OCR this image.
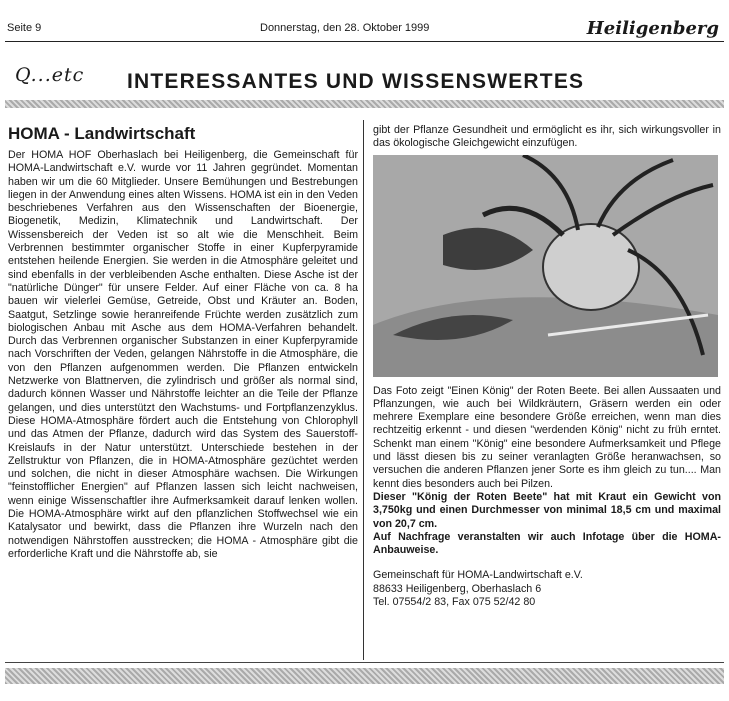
Seite 9	Donnerstag, den 28. Oktober 1999	Heiligenberg
Q...etc INTERESSANTES UND WISSENSWERTES
HOMA - Landwirtschaft

Der HOMA HOF Oberhaslach bei Heiligenberg, die Gemeinschaft für HOMA-Landwirtschaft e.V. wurde vor 11 Jahren gegründet. Momentan haben wir um die 60 Mitglieder. Unsere Bemühungen und Bestrebungen liegen in der Anwendung eines alten Wissens. HOMA ist ein in den Veden beschriebenes Verfahren aus den Wissenschaften der Bioenergie, Biogenetik, Medizin, Klimatechnik und Landwirtschaft. Der Wissensbereich der Veden ist so alt wie die Menschheit. Beim Verbrennen bestimmter organischer Stoffe in einer Kupferpyramide entstehen heilende Energien. Sie werden in die Atmosphäre geleitet und sind ebenfalls in der verbleibenden Asche enthalten. Diese Asche ist der "natürliche Dünger" für unsere Felder. Auf einer Fläche von ca. 8 ha bauen wir vielerlei Gemüse, Getreide, Obst und Kräuter an. Boden, Saatgut, Setzlinge sowie heranreifende Früchte werden zusätzlich zum biologischen Anbau mit Asche aus dem HOMA-Verfahren behandelt. Durch das Verbrennen organischer Substanzen in einer Kupferpyramide nach Vorschriften der Veden, gelangen Nährstoffe in die Atmosphäre, die von den Pflanzen aufgenommen werden. Die Pflanzen entwickeln Netzwerke von Blattnerven, die zylindrisch und größer als normal sind, dadurch können Wasser und Nährstoffe leichter an die Teile der Pflanze gelangen, und dies unterstützt den Wachstums- und Fortpflanzenzyklus. Diese HOMA-Atmosphäre fördert auch die Entstehung von Chlorophyll und das Atmen der Pflanze, dadurch wird das System des Sauerstoff-Kreislaufs in der Natur unterstützt. Unterschiede bestehen in der Zellstruktur von Pflanzen, die in HOMA-Atmosphäre gezüchtet werden und solchen, die nicht in dieser Atmosphäre wachsen. Die Wirkungen "feinstofflicher Energien" auf Pflanzen lassen sich leicht nachweisen, wenn einige Wissenschaftler ihre Aufmerksamkeit darauf lenken wollen. Die HOMA-Atmosphäre wirkt auf den pflanzlichen Stoffwechsel wie ein Katalysator und bewirkt, dass die Pflanzen ihre Wurzeln nach den notwendigen Nährstoffen ausstrecken; die HOMA - Atmosphäre gibt die erforderliche Kraft und die Nährstoffe ab, sie

gibt der Pflanze Gesundheit und ermöglicht es ihr, sich wirkungsvoller in das ökologische Gleichgewicht einzufügen.

Das Foto zeigt "Einen König" der Roten Beete. Bei allen Aussaaten und Pflanzungen, wie auch bei Wildkräutern, Gräsern werden ein oder mehrere Exemplare eine besondere Größe erreichen, wenn man dies rechtzeitig erkennt - und diesen "werdenden König" nicht zu früh erntet. Schenkt man einem "König" eine besondere Aufmerksamkeit und Pflege und lässt diesen bis zu seiner veranlagten Größe heranwachsen, so versuchen die anderen Pflanzen jener Sorte es ihm gleich zu tun.... Man kennt dies besonders auch bei Pilzen.

Dieser "König der Roten Beete" hat mit Kraut ein Gewicht von 3,750kg und einen Durchmesser von minimal 18,5 cm und maximal von 20,7 cm.

Auf Nachfrage veranstalten wir auch Infotage über die HOMA-Anbauweise.

Gemeinschaft für HOMA-Landwirtschaft e.V.
88633 Heiligenberg, Oberhaslach 6
Tel. 07554/2 83, Fax 075 52/42 80
